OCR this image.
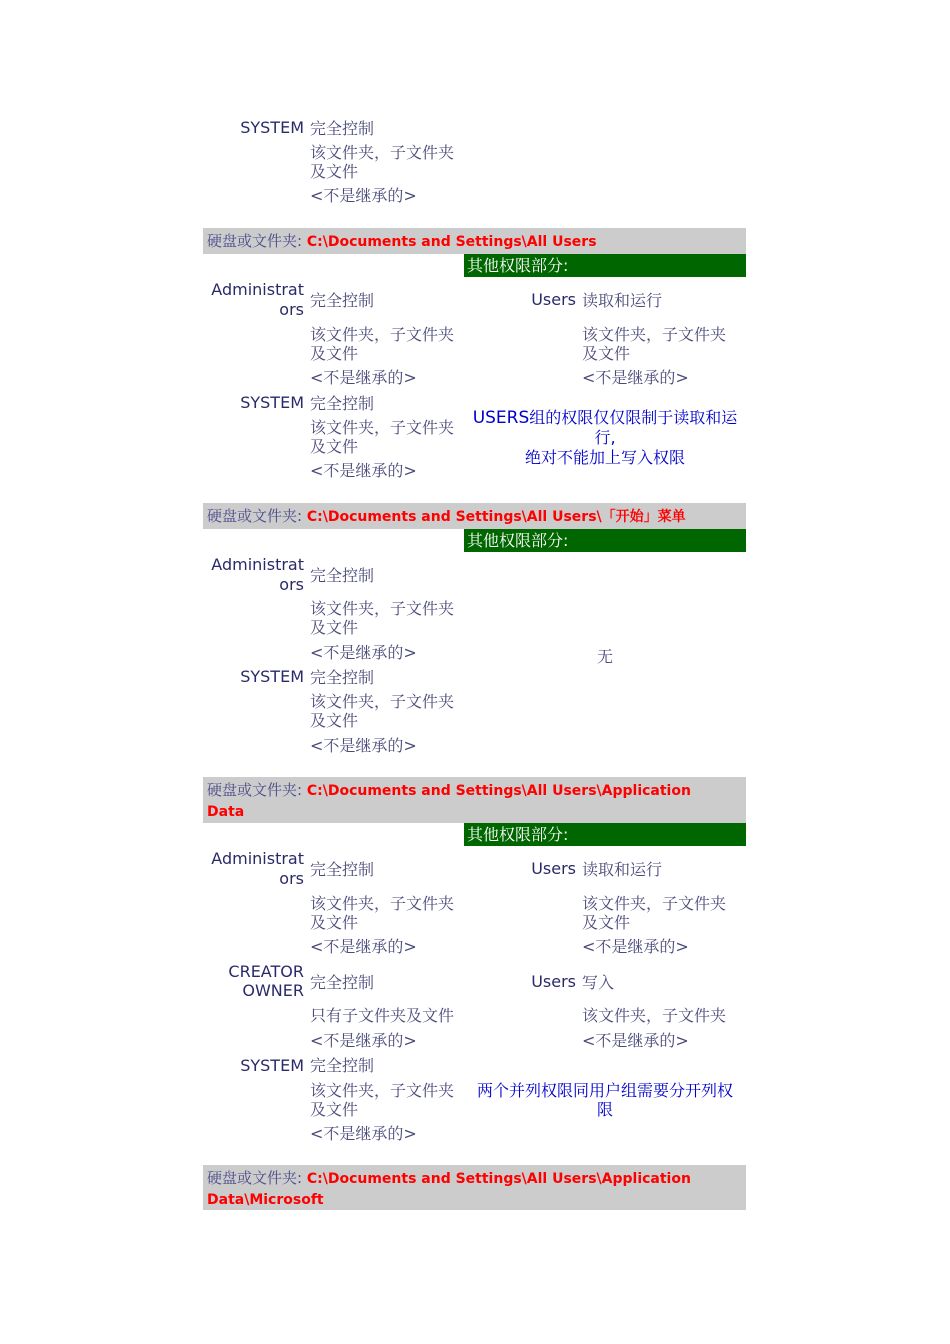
SYSTEM 完全控制
该文件夹，子文件夹
及文件
<不是继承的>
硬盘或文件夹: C:\Documents and Settings\All Users
其他权限部分:
Administrat
ors 完全控制
该文件夹，子文件夹
及文件
<不是继承的>
SYSTEM 完全控制
该文件夹，子文件夹
及文件
<不是继承的>
Users 读取和运行
该文件夹，子文件夹
及文件
<不是继承的>
USERS组的权限仅仅限制于读取和运
行,
绝对不能加上写入权限
硬盘或文件夹: C:\Documents and Settings\All Users\「开始」菜单
其他权限部分:
Administrat
ors 完全控制
该文件夹，子文件夹
及文件
<不是继承的>
SYSTEM 完全控制
该文件夹，子文件夹
及文件
<不是继承的>
无
硬盘或文件夹: C:\Documents and Settings\All Users\Application
Data
其他权限部分:
Administrat
ors 完全控制
该文件夹，子文件夹
及文件
<不是继承的>
CREATOR
OWNER 完全控制
只有子文件夹及文件
<不是继承的>
SYSTEM 完全控制
该文件夹，子文件夹
及文件
<不是继承的>
Users 读取和运行
该文件夹，子文件夹
及文件
<不是继承的>
Users 写入
该文件夹，子文件夹
<不是继承的>
两个并列权限同用户组需要分开列权
限
硬盘或文件夹: C:\Documents and Settings\All Users\Application
Data\Microsoft
